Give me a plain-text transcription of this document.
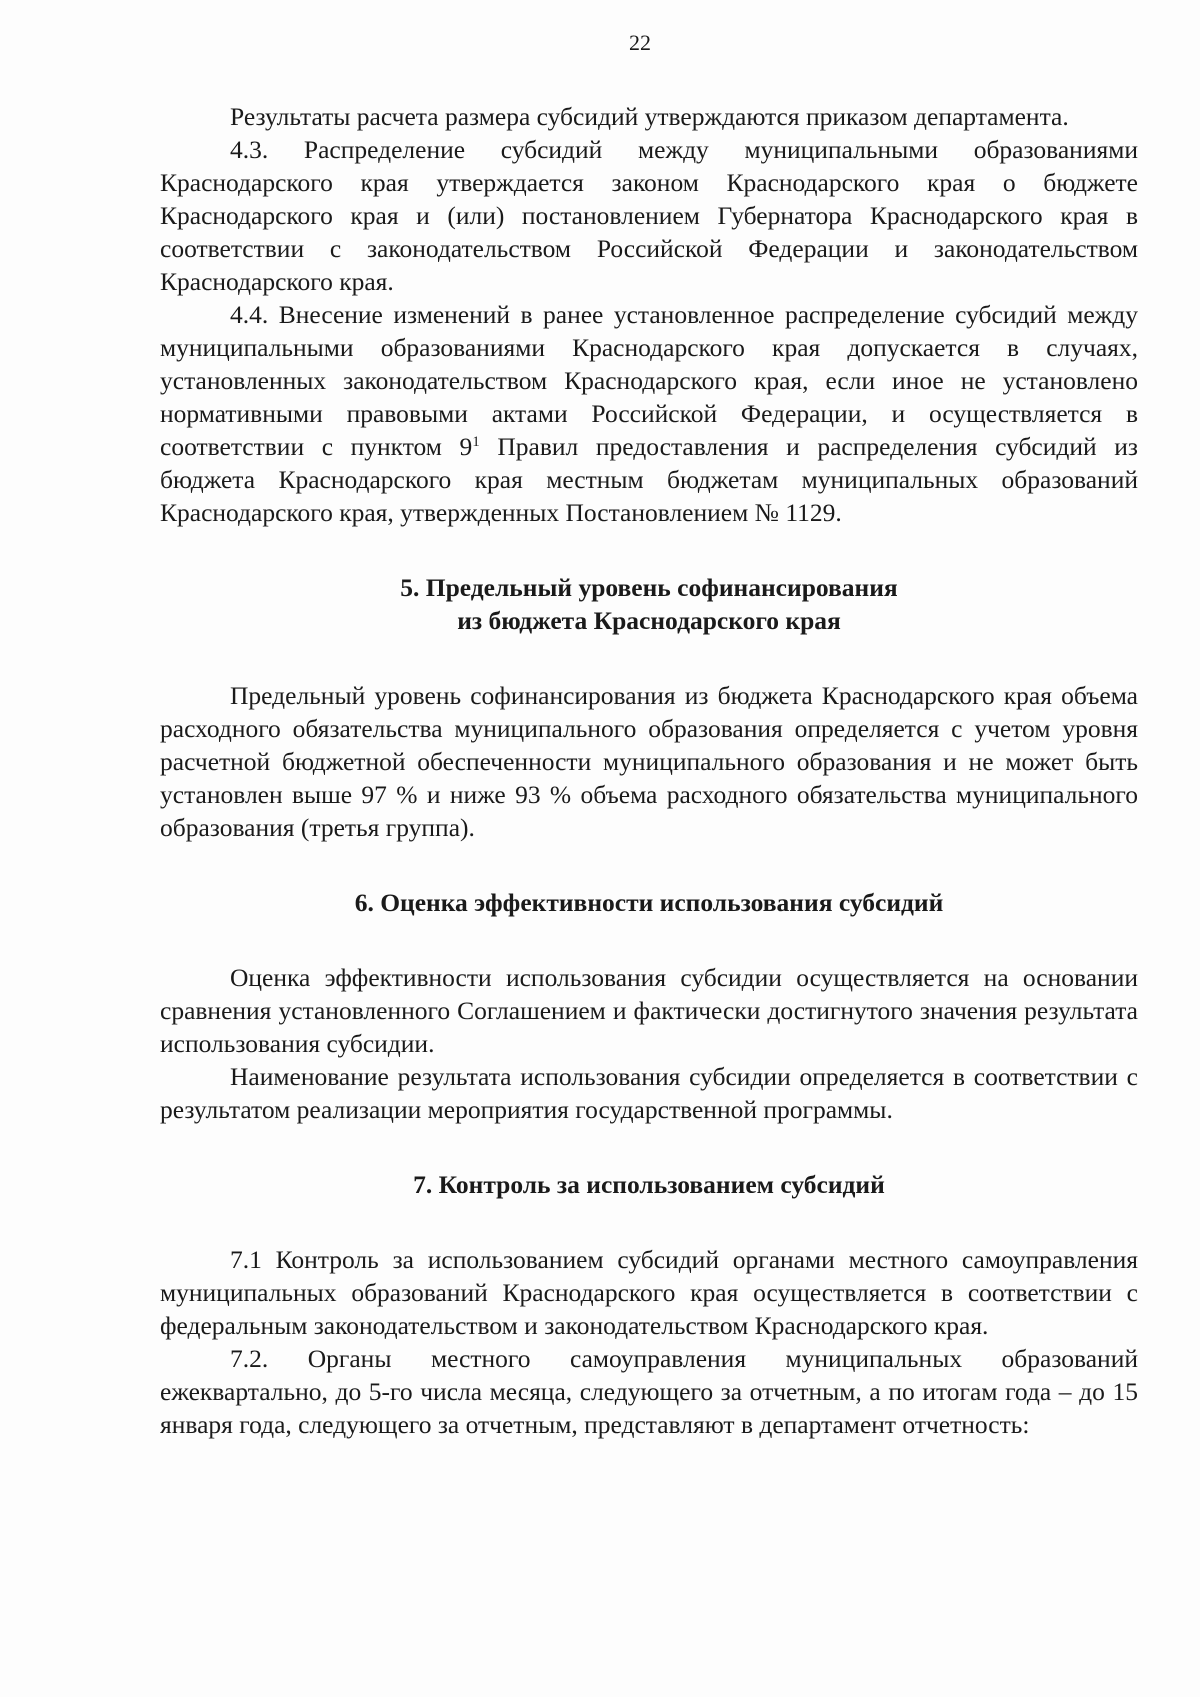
22

Результаты расчета размера субсидий утверждаются приказом департамента.

4.3. Распределение субсидий между муниципальными образованиями Краснодарского края утверждается законом Краснодарского края о бюджете Краснодарского края и (или) постановлением Губернатора Краснодарского края в соответствии с законодательством Российской Федерации и законодательством Краснодарского края.

4.4. Внесение изменений в ранее установленное распределение субсидий между муниципальными образованиями Краснодарского края допускается в случаях, установленных законодательством Краснодарского края, если иное не установлено нормативными правовыми актами Российской Федерации, и осуществляется в соответствии с пунктом $9^1$ Правил предоставления и распределения субсидий из бюджета Краснодарского края местным бюджетам муниципальных образований Краснодарского края, утвержденных Постановлением № 1129.

5. Предельный уровень софинансирования
из бюджета Краснодарского края

Предельный уровень софинансирования из бюджета Краснодарского края объема расходного обязательства муниципального образования определяется с учетом уровня расчетной бюджетной обеспеченности муниципального образования и не может быть установлен выше 97 % и ниже 93 % объема расходного обязательства муниципального образования (третья группа).

6. Оценка эффективности использования субсидий

Оценка эффективности использования субсидии осуществляется на основании сравнения установленного Соглашением и фактически достигнутого значения результата использования субсидии.

Наименование результата использования субсидии определяется в соответствии с результатом реализации мероприятия государственной программы.

7. Контроль за использованием субсидий

7.1 Контроль за использованием субсидий органами местного самоуправления муниципальных образований Краснодарского края осуществляется в соответствии с федеральным законодательством и законодательством Краснодарского края.

7.2. Органы местного самоуправления муниципальных образований ежеквартально, до 5-го числа месяца, следующего за отчетным, а по итогам года – до 15 января года, следующего за отчетным, представляют в департамент отчетность:
